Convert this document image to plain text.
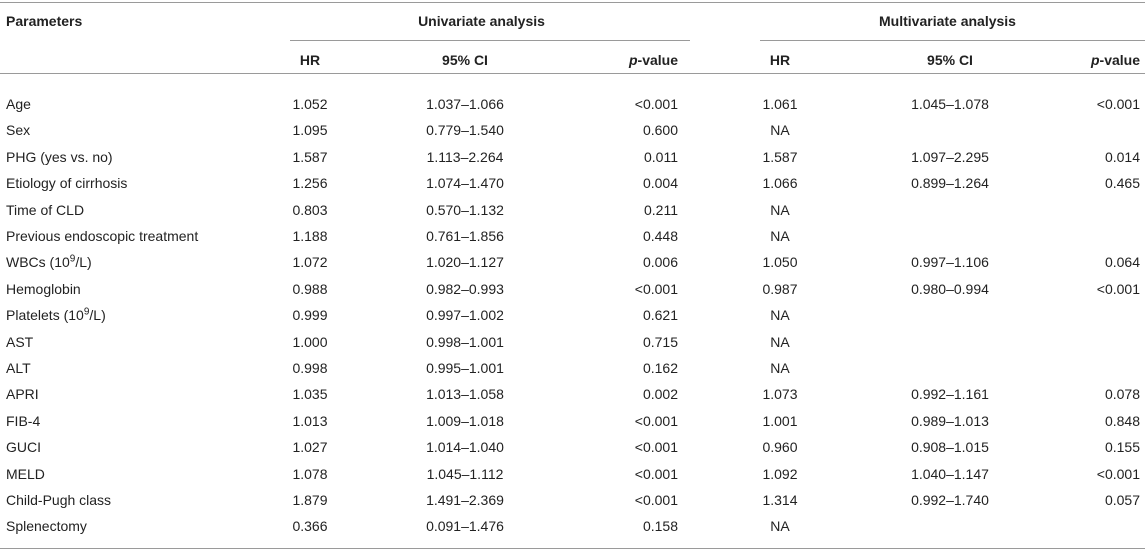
Parameters	Univariate analysis	Multivariate analysis
HR	95% CI	p-value	HR	95% CI	p-value
Age	1.052	1.037–1.066	<0.001	1.061	1.045–1.078	<0.001
Sex	1.095	0.779–1.540	0.600	NA
PHG (yes vs. no)	1.587	1.113–2.264	0.011	1.587	1.097–2.295	0.014
Etiology of cirrhosis	1.256	1.074–1.470	0.004	1.066	0.899–1.264	0.465
Time of CLD	0.803	0.570–1.132	0.211	NA
Previous endoscopic treatment	1.188	0.761–1.856	0.448	NA
WBCs $(10^9/L)$	1.072	1.020–1.127	0.006	1.050	0.997–1.106	0.064
Hemoglobin	0.988	0.982–0.993	<0.001	0.987	0.980–0.994	<0.001
Platelets $(10^9/L)$	0.999	0.997–1.002	0.621	NA
AST	1.000	0.998–1.001	0.715	NA
ALT	0.998	0.995–1.001	0.162	NA
APRI	1.035	1.013–1.058	0.002	1.073	0.992–1.161	0.078
FIB-4	1.013	1.009–1.018	<0.001	1.001	0.989–1.013	0.848
GUCI	1.027	1.014–1.040	<0.001	0.960	0.908–1.015	0.155
MELD	1.078	1.045–1.112	<0.001	1.092	1.040–1.147	<0.001
Child-Pugh class	1.879	1.491–2.369	<0.001	1.314	0.992–1.740	0.057
Splenectomy	0.366	0.091–1.476	0.158	NA
